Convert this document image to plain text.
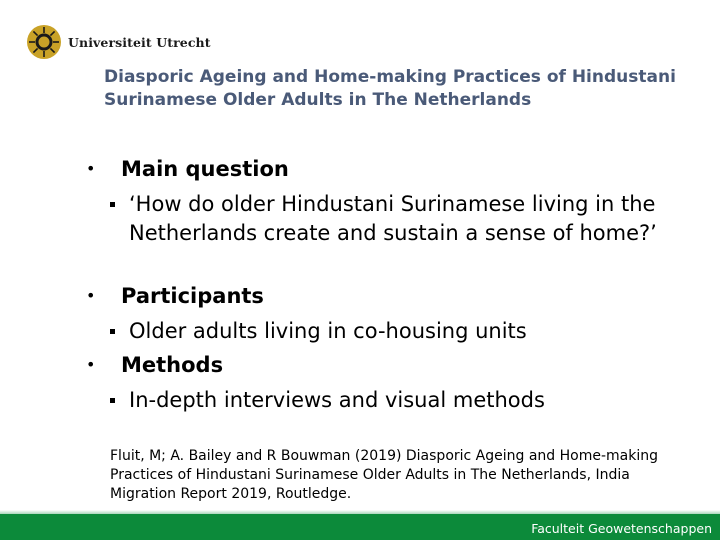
Universiteit Utrecht
Diasporic Ageing and Home-making Practices of Hindustani Surinamese Older Adults in The Netherlands
• Main question
‘How do older Hindustani Surinamese living in the Netherlands create and sustain a sense of home?’
• Participants
Older adults living in co-housing units
• Methods
In-depth interviews and visual methods
Fluit, M; A. Bailey and R Bouwman (2019) Diasporic Ageing and Home-making Practices of Hindustani Surinamese Older Adults in The Netherlands, India Migration Report 2019, Routledge.
Faculteit Geowetenschappen
